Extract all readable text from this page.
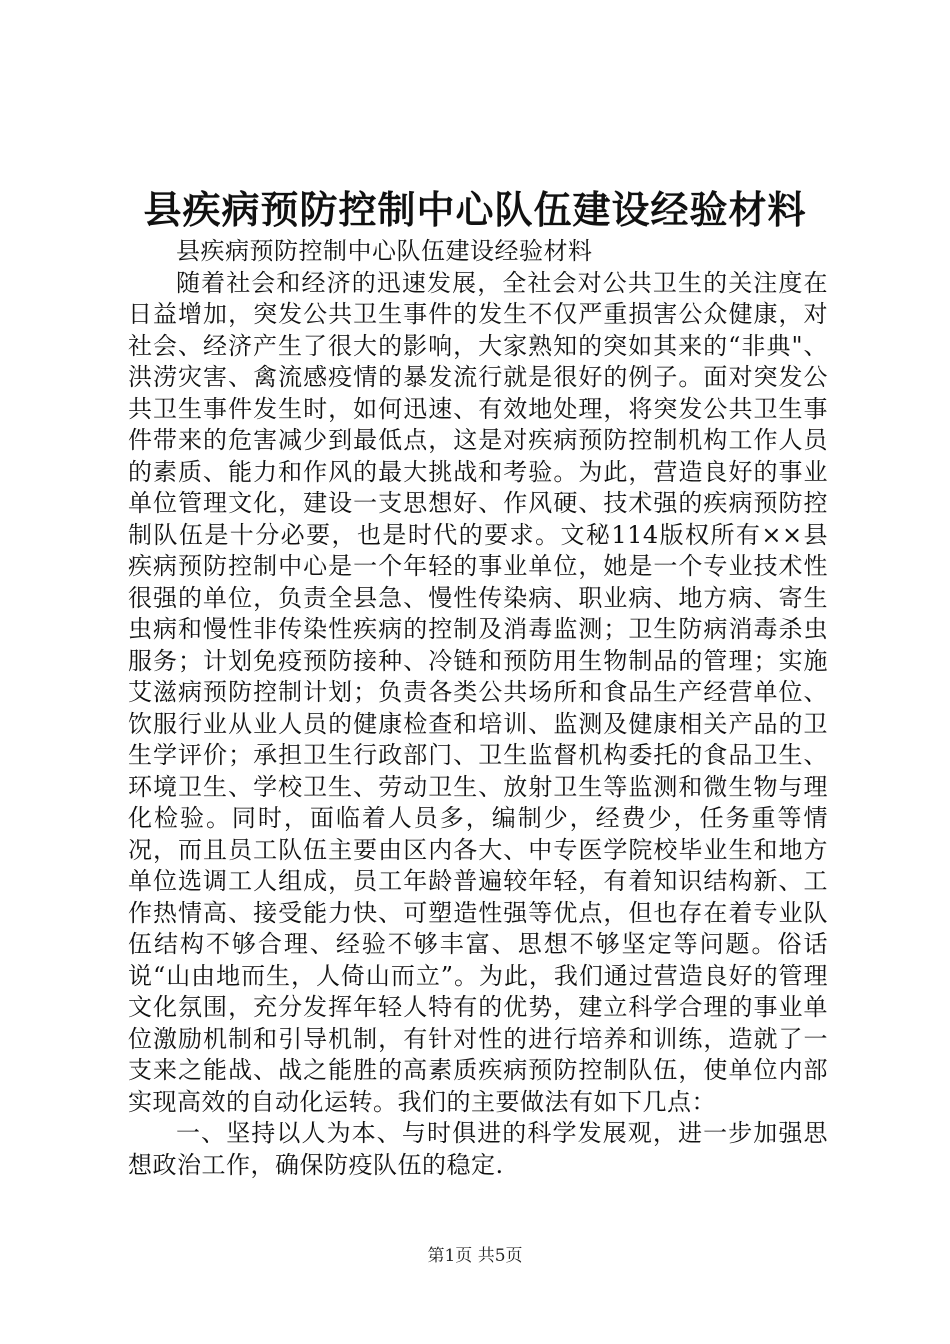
县疾病预防控制中心队伍建设经验材料

县疾病预防控制中心队伍建设经验材料

随着社会和经济的迅速发展，全社会对公共卫生的关注度在日益增加，突发公共卫生事件的发生不仅严重损害公众健康，对社会、经济产生了很大的影响，大家熟知的突如其来的“非典"、洪涝灾害、禽流感疫情的暴发流行就是很好的例子。面对突发公共卫生事件发生时，如何迅速、有效地处理，将突发公共卫生事件带来的危害减少到最低点，这是对疾病预防控制机构工作人员的素质、能力和作风的最大挑战和考验。为此，营造良好的事业单位管理文化，建设一支思想好、作风硬、技术强的疾病预防控制队伍是十分必要，也是时代的要求。文秘114版权所有××县疾病预防控制中心是一个年轻的事业单位，她是一个专业技术性很强的单位，负责全县急、慢性传染病、职业病、地方病、寄生虫病和慢性非传染性疾病的控制及消毒监测；卫生防病消毒杀虫服务；计划免疫预防接种、冷链和预防用生物制品的管理；实施艾滋病预防控制计划；负责各类公共场所和食品生产经营单位、饮服行业从业人员的健康检查和培训、监测及健康相关产品的卫生学评价；承担卫生行政部门、卫生监督机构委托的食品卫生、环境卫生、学校卫生、劳动卫生、放射卫生等监测和微生物与理化检验。同时，面临着人员多，编制少，经费少，任务重等情况，而且员工队伍主要由区内各大、中专医学院校毕业生和地方单位选调工人组成，员工年龄普遍较年轻，有着知识结构新、工作热情高、接受能力快、可塑造性强等优点，但也存在着专业队伍结构不够合理、经验不够丰富、思想不够坚定等问题。俗话说“山由地而生，人倚山而立”。为此，我们通过营造良好的管理文化氛围，充分发挥年轻人特有的优势，建立科学合理的事业单位激励机制和引导机制，有针对性的进行培养和训练，造就了一支来之能战、战之能胜的高素质疾病预防控制队伍，使单位内部实现高效的自动化运转。我们的主要做法有如下几点：

一、坚持以人为本、与时俱进的科学发展观，进一步加强思想政治工作，确保防疫队伍的稳定.

第1页 共5页
